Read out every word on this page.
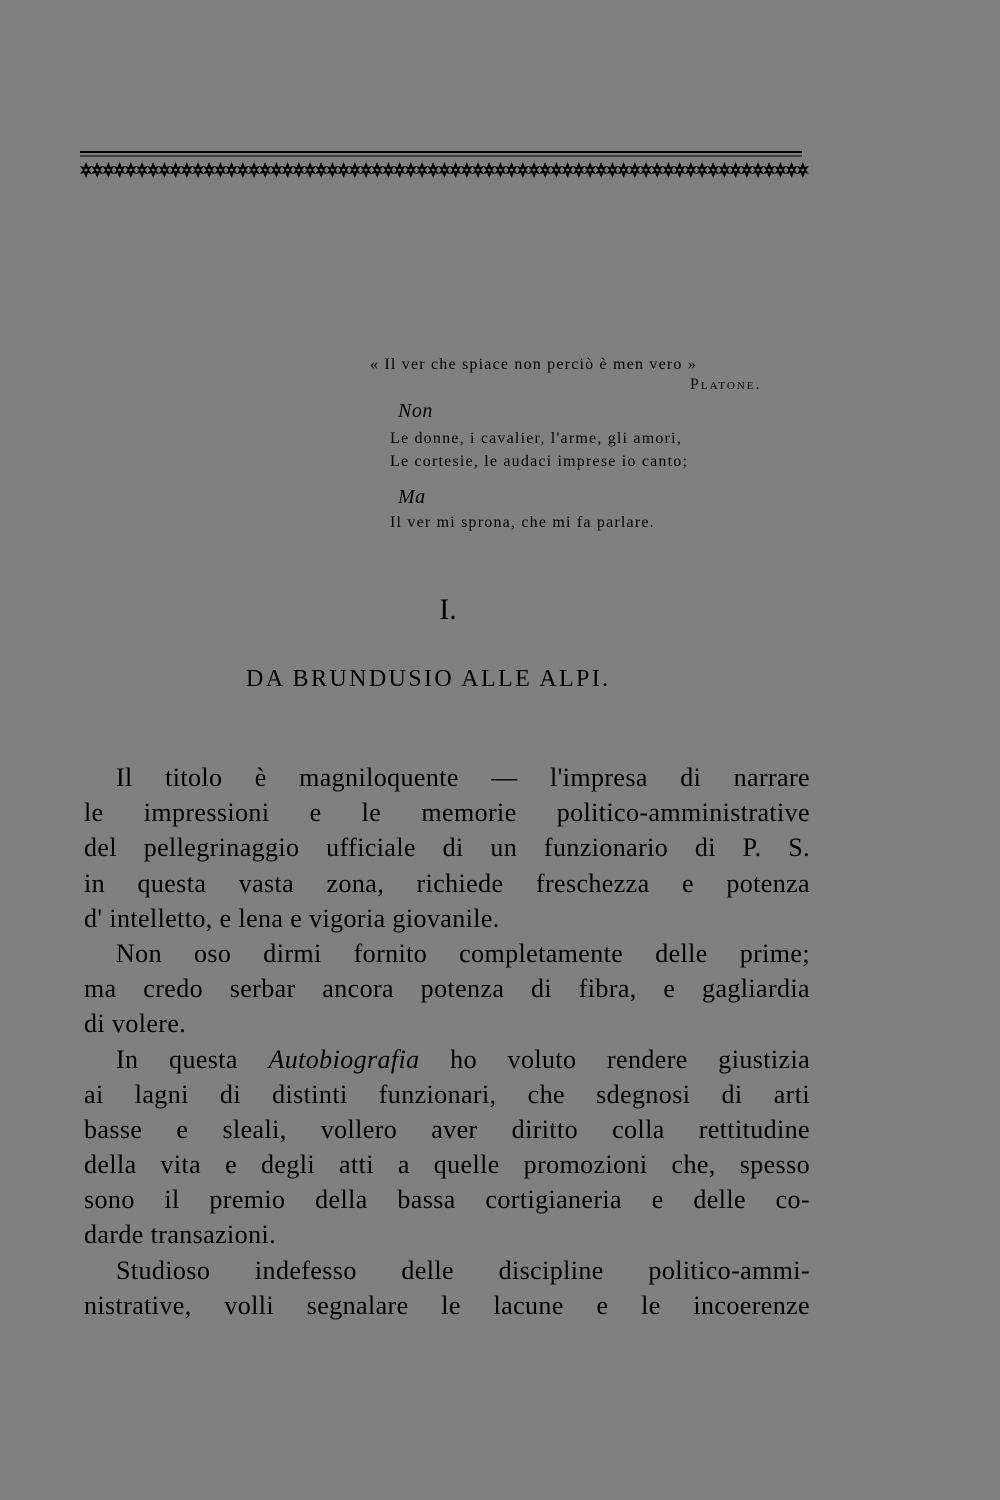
« Il ver che spiace non perciò è men vero »
Platone.
Non
Le donne, i cavalier, l'arme, gli amori,
Le cortesie, le audaci imprese io canto;
Ma
Il ver mi sprona, che mi fa parlare.
I.
DA BRUNDUSIO ALLE ALPI.
Il titolo è magniloquente — l'impresa di narrare
le impressioni e le memorie politico-amministrative
del pellegrinaggio ufficiale di un funzionario di P. S.
in questa vasta zona, richiede freschezza e potenza
d' intelletto, e lena e vigoria giovanile.
Non oso dirmi fornito completamente delle prime;
ma credo serbar ancora potenza di fibra, e gagliardia
di volere.
In questa Autobiografia ho voluto rendere giustizia
ai lagni di distinti funzionari, che sdegnosi di arti
basse e sleali, vollero aver diritto colla rettitudine
della vita e degli atti a quelle promozioni che, spesso
sono il premio della bassa cortigianeria e delle co-
darde transazioni.
Studioso indefesso delle discipline politico-ammi-
nistrative, volli segnalare le lacune e le incoerenze
